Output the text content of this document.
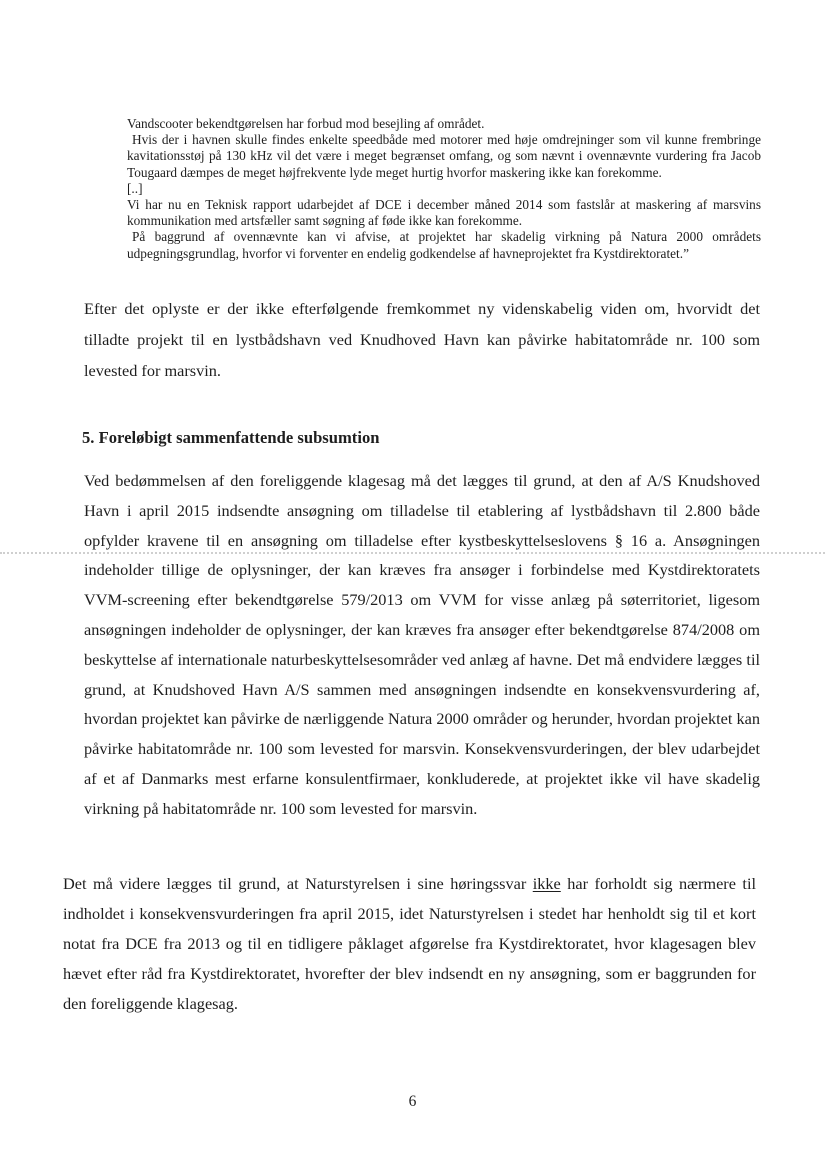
Vandscooter bekendtgørelsen har forbud mod besejling af området.

Hvis der i havnen skulle findes enkelte speedbåde med motorer med høje omdrejninger som vil kunne frembringe kavitationsstøj på 130 kHz vil det være i meget begrænset omfang, og som nævnt i ovennævnte vurdering fra Jacob Tougaard dæmpes de meget højfrekvente lyde meget hurtig hvorfor maskering ikke kan forekomme.

[..]

Vi har nu en Teknisk rapport udarbejdet af DCE i december måned 2014 som fastslår at maskering af marsvins kommunikation med artsfæller samt søgning af føde ikke kan forekomme.

På baggrund af ovennævnte kan vi afvise, at projektet har skadelig virkning på Natura 2000 områdets udpegningsgrundlag, hvorfor vi forventer en endelig godkendelse af havneprojektet fra Kystdirektoratet.”

Efter det oplyste er der ikke efterfølgende fremkommet ny videnskabelig viden om, hvorvidt det tilladte projekt til en lystbådshavn ved Knudhoved Havn kan påvirke habitatområde nr. 100 som levested for marsvin.

5. Foreløbigt sammenfattende subsumtion

Ved bedømmelsen af den foreliggende klagesag må det lægges til grund, at den af A/S Knudshoved Havn i april 2015 indsendte ansøgning om tilladelse til etablering af lystbådshavn til 2.800 både opfylder kravene til en ansøgning om tilladelse efter kystbeskyttelseslovens § 16 a. Ansøgningen indeholder tillige de oplysninger, der kan kræves fra ansøger i forbindelse med Kystdirektoratets VVM-screening efter bekendtgørelse 579/2013 om VVM for visse anlæg på søterritoriet, ligesom ansøgningen indeholder de oplysninger, der kan kræves fra ansøger efter bekendtgørelse 874/2008 om beskyttelse af internationale naturbeskyttelsesområder ved anlæg af havne. Det må endvidere lægges til grund, at Knudshoved Havn A/S sammen med ansøgningen indsendte en konsekvensvurdering af, hvordan projektet kan påvirke de nærliggende Natura 2000 områder og herunder, hvordan projektet kan påvirke habitatområde nr. 100 som levested for marsvin. Konsekvensvurderingen, der blev udarbejdet af et af Danmarks mest erfarne konsulentfirmaer, konkluderede, at projektet ikke vil have skadelig virkning på habitatområde nr. 100 som levested for marsvin.

Det må videre lægges til grund, at Naturstyrelsen i sine høringssvar ikke har forholdt sig nærmere til indholdet i konsekvensvurderingen fra april 2015, idet Naturstyrelsen i stedet har henholdt sig til et kort notat fra DCE fra 2013 og til en tidligere påklaget afgørelse fra Kystdirektoratet, hvor klagesagen blev hævet efter råd fra Kystdirektoratet, hvorefter der blev indsendt en ny ansøgning, som er baggrunden for den foreliggende klagesag.

6
